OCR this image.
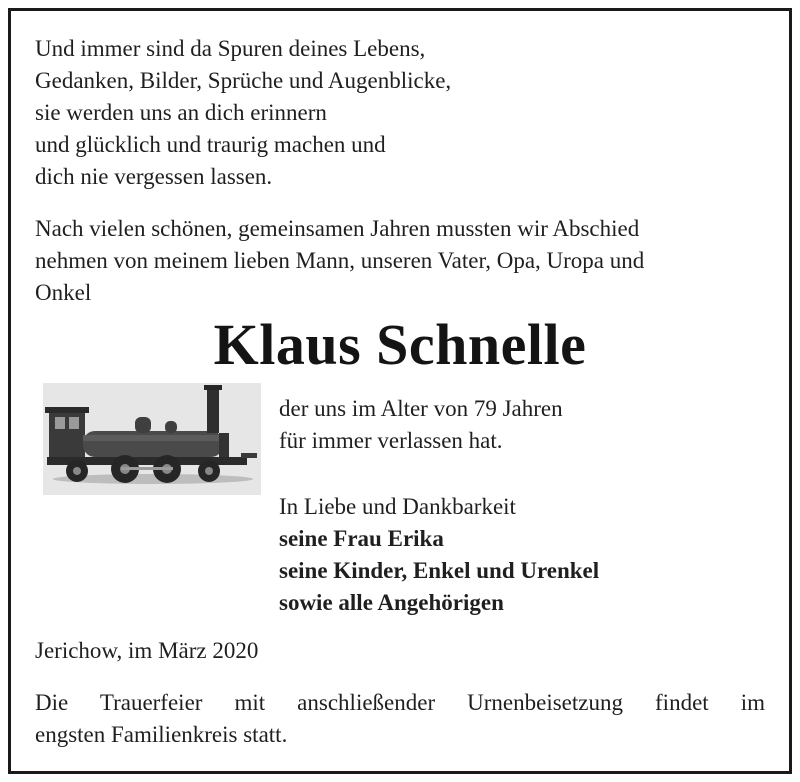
Und immer sind da Spuren deines Lebens,
Gedanken, Bilder, Sprüche und Augenblicke,
sie werden uns an dich erinnern
und glücklich und traurig machen und
dich nie vergessen lassen.
Nach vielen schönen, gemeinsamen Jahren mussten wir Abschied
nehmen von meinem lieben Mann, unseren Vater, Opa, Uropa und
Onkel
Klaus Schnelle
der uns im Alter von 79 Jahren
für immer verlassen hat.
In Liebe und Dankbarkeit
seine Frau Erika
seine Kinder, Enkel und Urenkel
sowie alle Angehörigen
Jerichow, im März 2020
Die Trauerfeier mit anschließender Urnenbeisetzung findet im
engsten Familienkreis statt.
